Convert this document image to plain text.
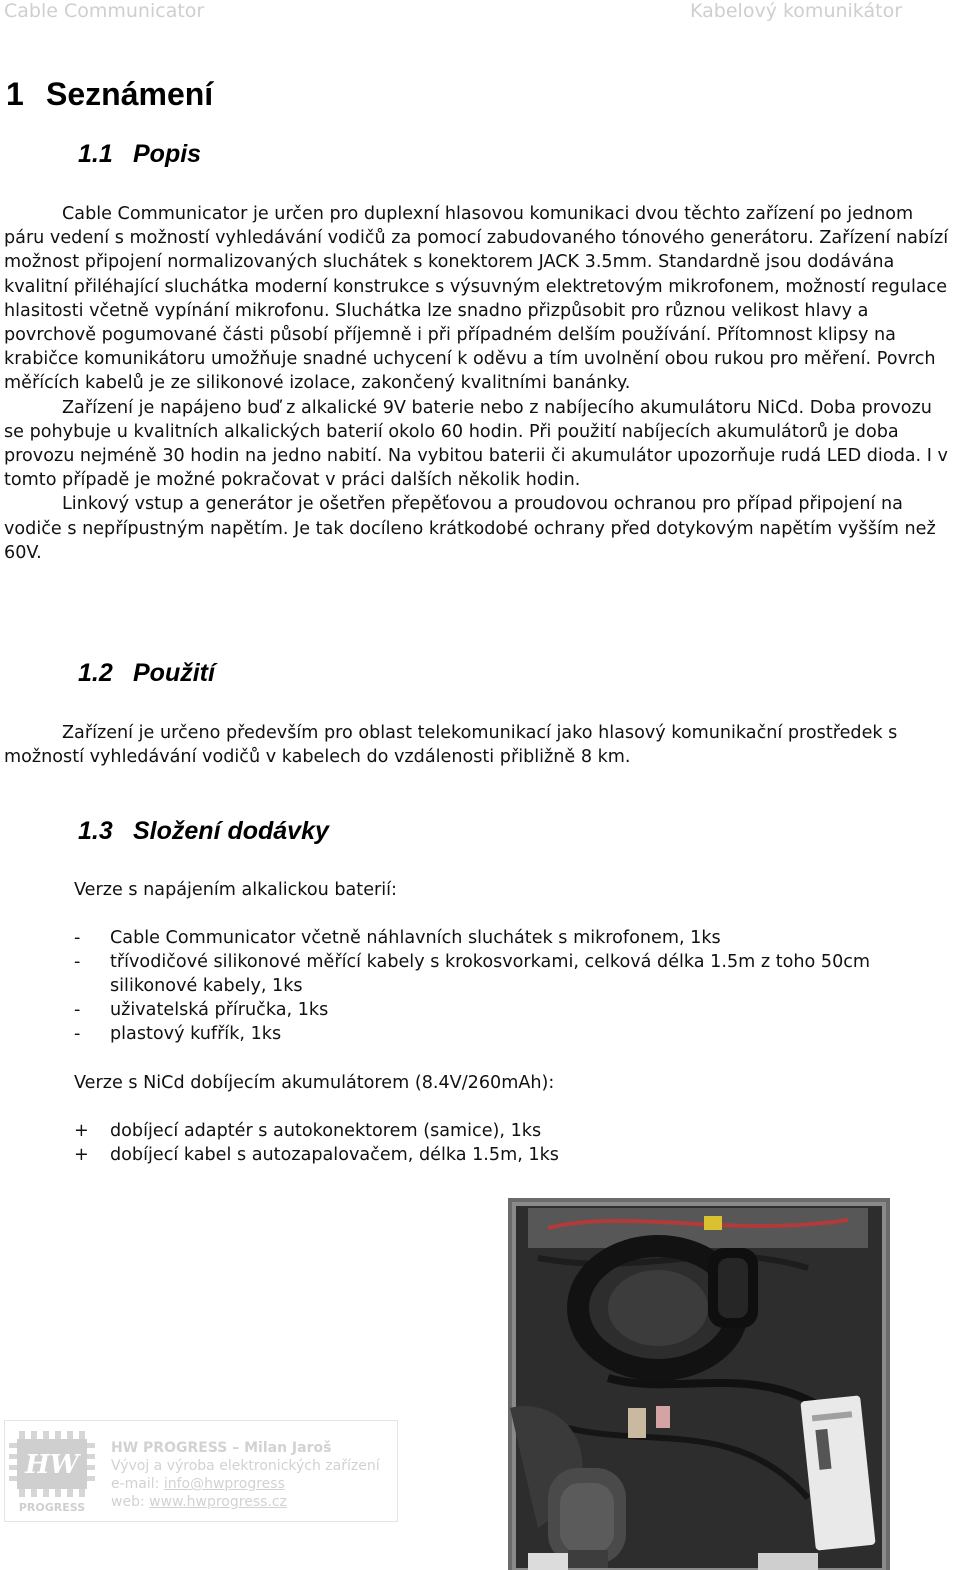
Cable Communicator	Kabelový komunikátor
1 Seznámení
1.1 Popis

Cable Communicator je určen pro duplexní hlasovou komunikaci dvou těchto zařízení po jednom páru vedení s možností vyhledávání vodičů za pomocí zabudovaného tónového generátoru. Zařízení nabízí možnost připojení normalizovaných sluchátek s konektorem JACK 3.5mm. Standardně jsou dodávána kvalitní přiléhající sluchátka moderní konstrukce s výsuvným elektretovým mikrofonem, možností regulace hlasitosti včetně vypínání mikrofonu. Sluchátka lze snadno přizpůsobit pro různou velikost hlavy a povrchově pogumované části působí příjemně i při případném delším používání. Přítomnost klipsy na krabičce komunikátoru umožňuje snadné uchycení k oděvu a tím uvolnění obou rukou pro měření. Povrch měřících kabelů je ze silikonové izolace, zakončený kvalitními banánky.

Zařízení je napájeno buď z alkalické 9V baterie nebo z nabíjecího akumulátoru NiCd. Doba provozu se pohybuje u kvalitních alkalických baterií okolo 60 hodin. Při použití nabíjecích akumulátorů je doba provozu nejméně 30 hodin na jedno nabití. Na vybitou baterii či akumulátor upozorňuje rudá LED dioda. I v tomto případě je možné pokračovat v práci dalších několik hodin.

Linkový vstup a generátor je ošetřen přepěťovou a proudovou ochranou pro případ připojení na vodiče s nepřípustným napětím. Je tak docíleno krátkodobé ochrany před dotykovým napětím vyšším než 60V.

1.2 Použití

Zařízení je určeno především pro oblast telekomunikací jako hlasový komunikační prostředek s možností vyhledávání vodičů v kabelech do vzdálenosti přibližně 8 km.

1.3 Složení dodávky
Verze s napájením alkalickou baterií:
- Cable Communicator včetně náhlavních sluchátek s mikrofonem, 1ks
- třívodičové silikonové měřící kabely s krokosvorkami, celková délka 1.5m z toho 50cm silikonové kabely, 1ks
- uživatelská příručka, 1ks
- plastový kufřík, 1ks
Verze s NiCd dobíjecím akumulátorem (8.4V/260mAh):
+ dobíjecí adaptér s autokonektorem (samice), 1ks
+ dobíjecí kabel s autozapalovačem, délka 1.5m, 1ks
HW
PROGRESS
HW PROGRESS – Milan Jaroš
Vývoj a výroba elektronických zařízení
e-mail: info@hwprogress
web: www.hwprogress.cz
